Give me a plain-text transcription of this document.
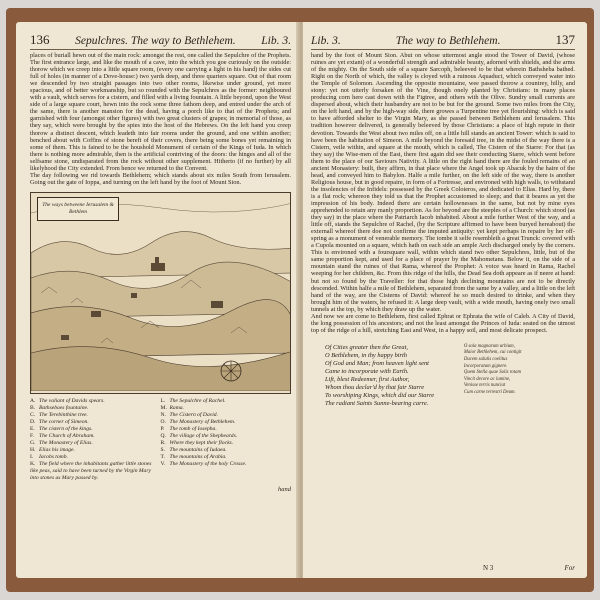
136 Sepulchres. The way to Bethlehem. Lib. 3.

places of buriall hewn out of the main rock: amongst the rest, one called the Sepulchre of the Prophets. The first entrance large, and like the mouth of a cave, into the which you goe curiously on the outside: thorow which we creep into a little square room, (every one carrying a light in his hand) the sides cut full of holes (in manner of a Dove-house:) two yards deep, and three quarters square. Out of that room we descended by two straight passages into two other rooms, likewise under ground, yet more spacious, and of better workmanship, but so rounded with the Sepulchres as the former: neighboured with a vault, which serves for a cistern, and filled with a living fountain. A little beyond, upon the West side of a large square court, hewn into the rock some three fathom deep, and entred under the arch of the same, there is another mansion for the dead, having a porch like to that of the Prophets; and garnished with four (amongst other figures) with two great clusters of grapes; in memorial of those, as they say, which were brought by the spies into the host of the Hebrews. On the left hand you creep thorow a distinct descent, which leadeth into fair rooms under the ground, and one within another; benched about with Coffins of stone bereft of their covers, there being some bones yet remaining in some of them. This is fained to be the houshold Monument of certain of the Kings of Iuda. In which there is nothing more admirable, then is the artificial contriving of the doors: the hinges and all of the selfsame stone, undisparated from the rock without other supplement. Hitherto (if no further) by all likelyhood the City extended. From hence we returned to the Convent.

The day following we rid towards Bethlehem; which stands about six miles South from Ierusalem. Going out the gate of Ioppa, and turning on the left hand by the foot of Mount Sion.

The ways betweene Ierusalem & Bethlem
A. The valiant of Davids spears.
B. Bathsebaes fountaine.
C. The Terebinthine tree.
D. The corner of Simeon.
E. The cistern of the kings.
F. The Church of Abraham.
G. The Monastery of Elias.
H. Elias his image.
I. Iacobs tomb.
K. The field where the inhabitants gather little stones like peas, said to have been turned by the Virgin Mary into stones as Mary passed by.
L. The Sepulchre of Rachel.
M. Rama.
N. The Cistern of David.
O. The Monastery of Bethlehem.
P. The tomb of Iosepha.
Q. The village of the Shepheards.
R. Where they kept their flocks.
S. The mountains of Iudaea.
T. The mountains of Arabia.
V. The Monastery of the holy Crosse.
hand
Lib. 3.	The way to Bethlehem.	137

hand by the foot of Mount Sion. Abut on whose uttermost angle stood the Tower of David, (whose ruines are yet extant) of a wonderfull strength and admirable beauty, adorned with shields, and the arms of the mighty. On the South side of a square Sarcoph, beleeved to be that wherein Bathsheba bathed. Right on the North of which, the valley is cloyed with a ruinous Aquaduct, which conveyed water into the Temple of Solomon. Ascending the opposite mountaine, wee passed thorow a countrey, hilly, and stony: yet not utterly forsaken of the Vine, though onely planted by Christians: in many places producing corn here cast down with the Figtree, and others with the Olive. Sundry small currents are dispersed about, which their husbandry are not to be but for the ground. Some two miles from the City, on the left hand, and by the high-way side, there growes a Turpentine tree yet flourishing: which is said to have afforded shelter to the Virgin Mary, as she passed between Bethlehem and Ierusalem. This tradition however delivered, is generally beleeved by those Christians: a place of high repute in their devotion. Towards the West about two miles off, on a little hill stands an ancient Tower: which is said to have been the habitation of Simeon. A mile beyond the foresaid tree, in the midst of the way there is a Cistern, veile within, and square at the mouth, which is called, The Cistern of the Starre: For that (as they say) the Wise-men of the East, there first again did see their conducting Starre, which went before them to the place of our Saviours Nativity. A little on the right hand there are the fouled remains of an ancient Monastery: built, they affirm, in that place where the Angel took up Abacuk by the haire of the head, and conveyed him to Babylon. Halfe a mile further, on the left side of the way, there is another Religious house, but in good repaire, in form of a Fortresse, and environed with high walls, to withstand the insolencies of the Infidels: possessed by the Greek Coloieros, and dedicated to Elias. Hard by, there is a flat rock; whereon they told us that the Prophet accustomed to sleep; and that it beares as yet the impression of his body. Indeed there are certain hollownesses in the same, but not by mine eyes apprehended to retain any manly proportion. As for beyond are the steeples of a Church: which stood (as they say) in the place where the Patriarch Iacob inhabited. About a mile further West of the way, and a little off, stands the Sepulchre of Rachel, (by the Scripture affirmed to have been buryed hereabout) the externall whereof there doe not confirme the imputed antiquity: yet kept perhaps in repaire by her off-spring as a monument of venerable memory. The tombe it selfe resembleth a great Trunck: covered with a Cupola mounted on a square, which hath on each side an ample Arch discharged onely by the corners. This is environed with a foursquare wall, within which stand two other Sepulchres, little, but of the same proportion kept, and used for a place of prayer by the Mahometans. Below it, on the side of a mountain stand the ruines of that Rama, whereof the Prophet: A voice was heard in Rama, Rachel weeping for her children, &c. From this ridge of the hills, the Dead Sea doth appeare as if neere at hand: but not so found by the Traveller: for that those high declining mountains are not to be directly descended. Within halfe a mile of Bethlehem, separated from the same by a valley, and a little on the left hand of the way, are the Cisterns of David: whereof he so much desired to drinke, and when they brought him of the waters, he refused it: A large deep vault, with a wide mouth, having onely two small tunnels at the top, by which they draw up the water.

And now we are come to Bethlehem, first called Ephrat or Ephrata the wife of Caleb. A City of David, the long possession of his ancestors; and not the least amongst the Princes of Iuda: seated on the utmost top of the ridge of a hill, stretching East and West, in a happy soil, and most delicate prospect.

Of Cities greater then the Great,
O Bethlehem, in thy happy birth
Of God and Man; from heaven light sent
Came to incorporate with Earth.
Lift, blest Redeemer, first Author,
Whom thou declar'd by that fair Starre
To worshiping Kings, which did our Starre
The radiant Saints Sunne-bearing carre.
O sola magnarum urbium,
Maior Bethlehem, cui contigit
Ducem salutis coelitus
Incorporatum gignere.
Quem Stella quae Solis rotam
Vincit decore ac lumine,
Venisse terris nunciat
Cum carne terrestri Deum.
N 3	For
